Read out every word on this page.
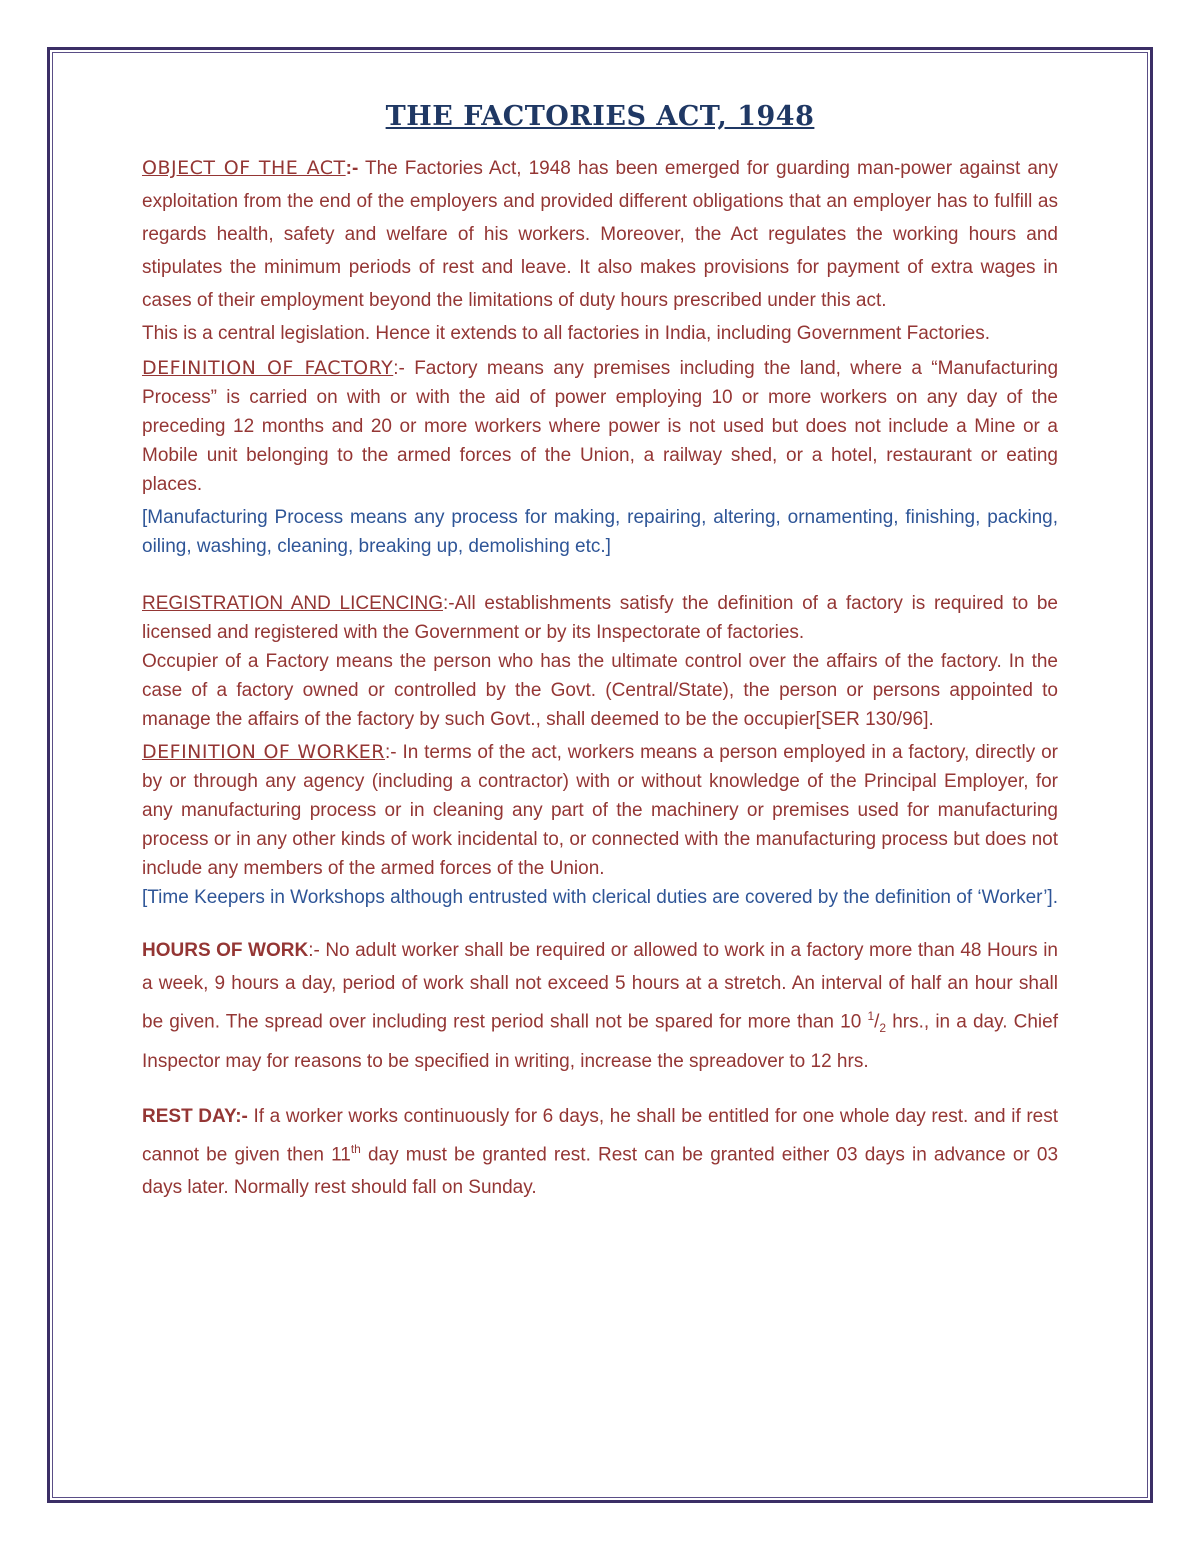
THE FACTORIES ACT, 1948

OBJECT OF THE ACT:- The Factories Act, 1948 has been emerged for guarding man-power against any exploitation from the end of the employers and provided different obligations that an employer has to fulfill as regards health, safety and welfare of his workers. Moreover, the Act regulates the working hours and stipulates the minimum periods of rest and leave. It also makes provisions for payment of extra wages in cases of their employment beyond the limitations of duty hours prescribed under this act.

This is a central legislation. Hence it extends to all factories in India, including Government Factories.

DEFINITION OF FACTORY:- Factory means any premises including the land, where a “Manufacturing Process” is carried on with or with the aid of power employing 10 or more workers on any day of the preceding 12 months and 20 or more workers where power is not used but does not include a Mine or a Mobile unit belonging to the armed forces of the Union, a railway shed, or a hotel, restaurant or eating places.

[Manufacturing Process means any process for making, repairing, altering, ornamenting, finishing, packing, oiling, washing, cleaning, breaking up, demolishing etc.]

REGISTRATION AND LICENCING:-All establishments satisfy the definition of a factory is required to be licensed and registered with the Government or by its Inspectorate of factories.

Occupier of a Factory means the person who has the ultimate control over the affairs of the factory. In the case of a factory owned or controlled by the Govt. (Central/State), the person or persons appointed to manage the affairs of the factory by such Govt., shall deemed to be the occupier[SER 130/96].

DEFINITION OF WORKER:- In terms of the act, workers means a person employed in a factory, directly or by or through any agency (including a contractor) with or without knowledge of the Principal Employer, for any manufacturing process or in cleaning any part of the machinery or premises used for manufacturing process or in any other kinds of work incidental to, or connected with the manufacturing process but does not include any members of the armed forces of the Union.

[Time Keepers in Workshops although entrusted with clerical duties are covered by the definition of ‘Worker’].

HOURS OF WORK:- No adult worker shall be required or allowed to work in a factory more than 48 Hours in a week, 9 hours a day, period of work shall not exceed 5 hours at a stretch. An interval of half an hour shall be given. The spread over including rest period shall not be spared for more than 10 $^1/_2$ hrs., in a day. Chief Inspector may for reasons to be specified in writing, increase the spreadover to 12 hrs.

REST DAY:- If a worker works continuously for 6 days, he shall be entitled for one whole day rest. and if rest cannot be given then 11th day must be granted rest. Rest can be granted either 03 days in advance or 03 days later. Normally rest should fall on Sunday.
